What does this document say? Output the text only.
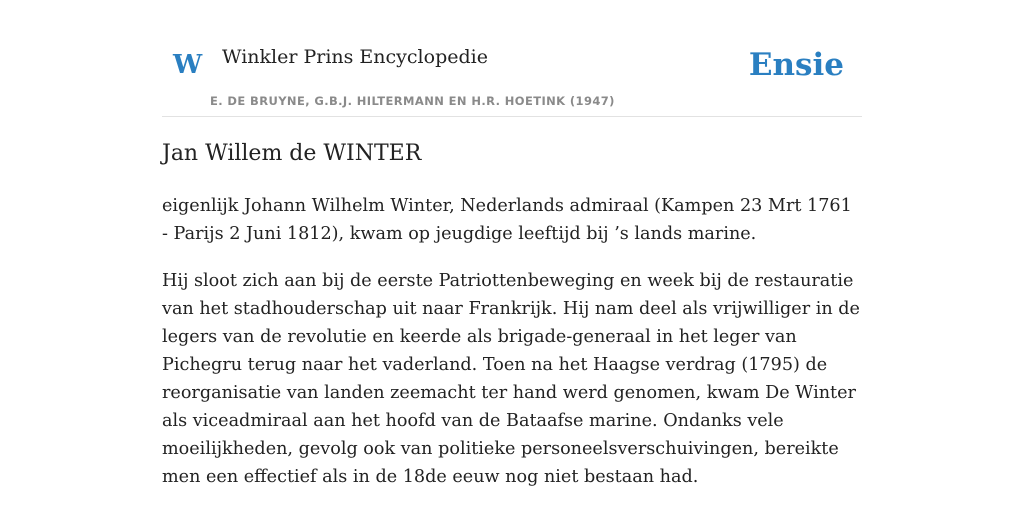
W Winkler Prins Encyclopedie
E. DE BRUYNE, G.B.J. HILTERMANN EN H.R. HOETINK (1947)
Ensie
Jan Willem de WINTER

eigenlijk Johann Wilhelm Winter, Nederlands admiraal (Kampen 23 Mrt 1761 - Parijs 2 Juni 1812), kwam op jeugdige leeftijd bij ’s lands marine.

Hij sloot zich aan bij de eerste Patriottenbeweging en week bij de restauratie van het stadhouderschap uit naar Frankrijk. Hij nam deel als vrijwilliger in de legers van de revolutie en keerde als brigade-generaal in het leger van Pichegru terug naar het vaderland. Toen na het Haagse verdrag (1795) de reorganisatie van landen zeemacht ter hand werd genomen, kwam De Winter als viceadmiraal aan het hoofd van de Bataafse marine. Ondanks vele moeilijkheden, gevolg ook van politieke personeelsverschuivingen, bereikte men een effectief als in de 18de eeuw nog niet bestaan had.
